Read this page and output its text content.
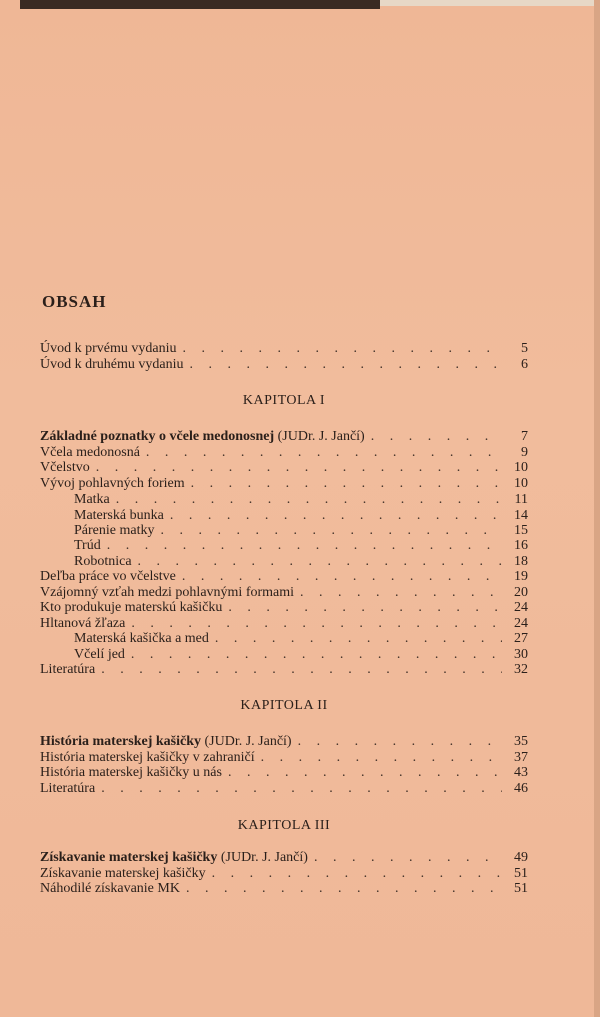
OBSAH
Úvod k prvému vydaniu . . .	5
Úvod k druhému vydaniu . . .	6
KAPITOLA I
Základné poznatky o včele medonosnej (JUDr. J. Jančí) . . .	7
Včela medonosná . . .	9
Včelstvo . . .	10
Vývoj pohlavných foriem . . .	10
Matka . . .	11
Materská bunka . . .	14
Párenie matky . . .	15
Trúd . . .	16
Robotnica . . .	18
Deľba práce vo včelstve . . .	19
Vzájomný vzťah medzi pohlavnými formami . . .	20
Kto produkuje materskú kašičku . . .	24
Hltanová žľaza . . .	24
Materská kašička a med . . .	27
Včelí jed . . .	30
Literatúra . . .	32
KAPITOLA II
História materskej kašičky (JUDr. J. Jančí) . . .	35
História materskej kašičky v zahraničí . . .	37
História materskej kašičky u nás . . .	43
Literatúra . . .	46
KAPITOLA III
Získavanie materskej kašičky (JUDr. J. Jančí) . . .	49
Získavanie materskej kašičky . . .	51
Náhodilé získavanie MK . . .	51
